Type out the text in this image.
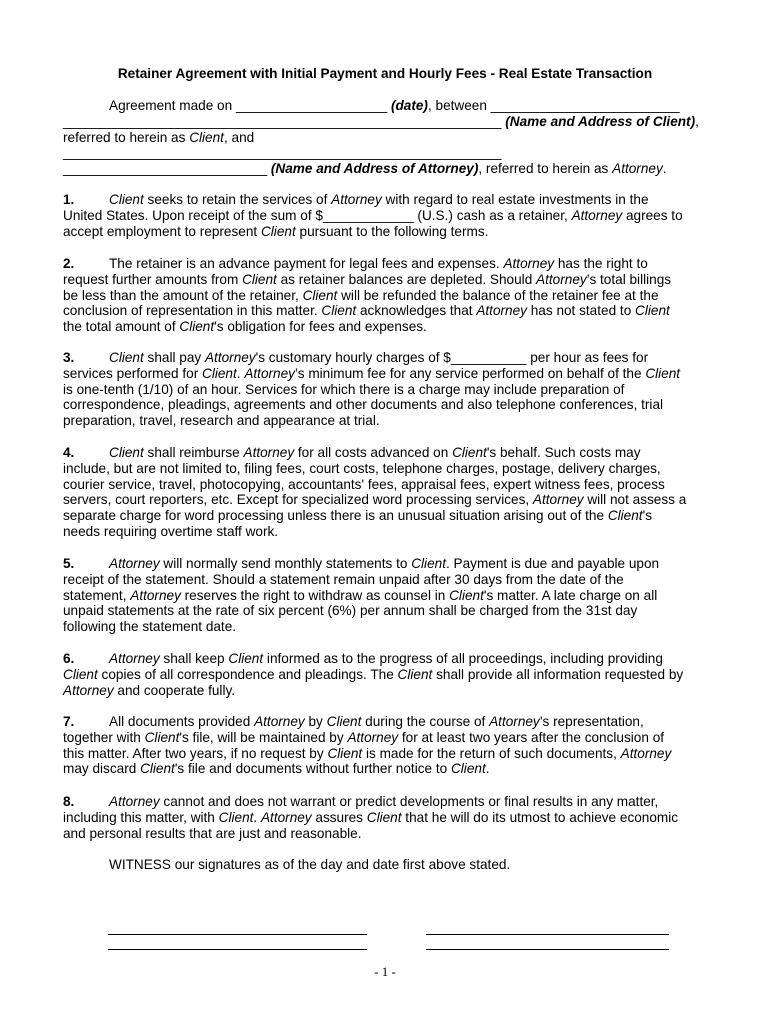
Retainer Agreement with Initial Payment and Hourly Fees - Real Estate Transaction
Agreement made on ____________________ (date), between _________________________
__________________________________________________________ (Name and Address of Client),
referred to herein as Client, and
__________________________________________________________
___________________________ (Name and Address of Attorney), referred to herein as Attorney.
1.	Client seeks to retain the services of Attorney with regard to real estate investments in the
United States. Upon receipt of the sum of $____________ (U.S.) cash as a retainer, Attorney agrees to
accept employment to represent Client pursuant to the following terms.
2.	The retainer is an advance payment for legal fees and expenses. Attorney has the right to
request further amounts from Client as retainer balances are depleted. Should Attorney’s total billings
be less than the amount of the retainer, Client will be refunded the balance of the retainer fee at the
conclusion of representation in this matter. Client acknowledges that Attorney has not stated to Client
the total amount of Client's obligation for fees and expenses.
3.	Client shall pay Attorney's customary hourly charges of $__________ per hour as fees for
services performed for Client. Attorney’s minimum fee for any service performed on behalf of the Client
is one-tenth (1/10) of an hour. Services for which there is a charge may include preparation of
correspondence, pleadings, agreements and other documents and also telephone conferences, trial
preparation, travel, research and appearance at trial.
4.	Client shall reimburse Attorney for all costs advanced on Client's behalf. Such costs may
include, but are not limited to, filing fees, court costs, telephone charges, postage, delivery charges,
courier service, travel, photocopying, accountants' fees, appraisal fees, expert witness fees, process
servers, court reporters, etc. Except for specialized word processing services, Attorney will not assess a
separate charge for word processing unless there is an unusual situation arising out of the Client's
needs requiring overtime staff work.
5.	Attorney will normally send monthly statements to Client. Payment is due and payable upon
receipt of the statement. Should a statement remain unpaid after 30 days from the date of the
statement, Attorney reserves the right to withdraw as counsel in Client's matter. A late charge on all
unpaid statements at the rate of six percent (6%) per annum shall be charged from the 31st day
following the statement date.
6.	Attorney shall keep Client informed as to the progress of all proceedings, including providing
Client copies of all correspondence and pleadings. The Client shall provide all information requested by
Attorney and cooperate fully.
7.	All documents provided Attorney by Client during the course of Attorney’s representation,
together with Client's file, will be maintained by Attorney for at least two years after the conclusion of
this matter. After two years, if no request by Client is made for the return of such documents, Attorney
may discard Client's file and documents without further notice to Client.
8.	Attorney cannot and does not warrant or predict developments or final results in any matter,
including this matter, with Client. Attorney assures Client that he will do its utmost to achieve economic
and personal results that are just and reasonable.
WITNESS our signatures as of the day and date first above stated.
- 1 -
